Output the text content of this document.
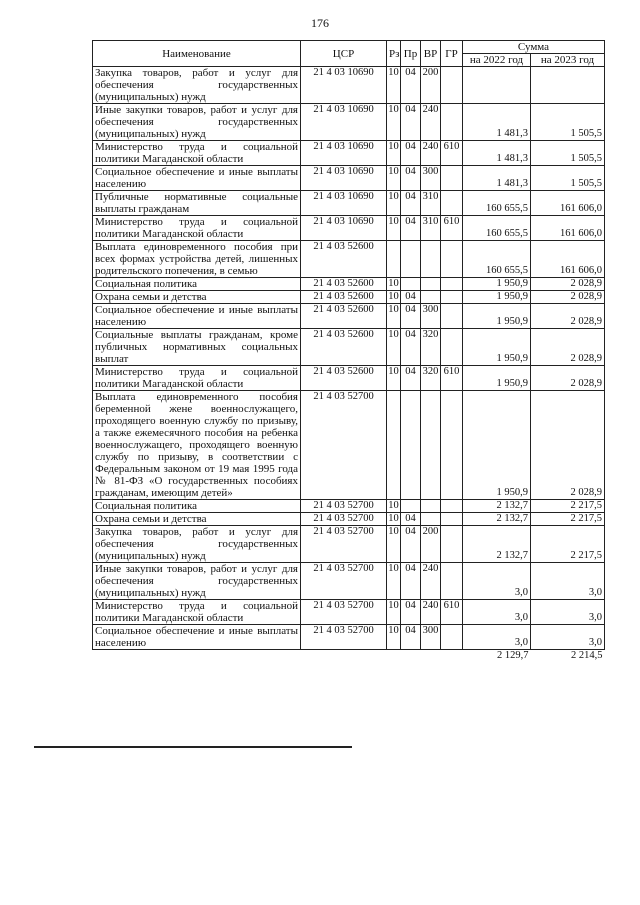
176
Наименование	ЦСР	Рз	Пр	ВР	ГР	Сумма	
						на 2022 год	на 2023 год
Закупка товаров, работ и услуг для обеспечения государственных (муниципальных) нужд	21 4 03 10690	10	04	200			
Иные закупки товаров, работ и услуг для обеспечения государственных (муниципальных) нужд	21 4 03 10690	10	04	240		1 481,3	1 505,5
Министерство труда и социальной политики Магаданской области	21 4 03 10690	10	04	240	610	1 481,3	1 505,5
Социальное обеспечение и иные выплаты населению	21 4 03 10690	10	04	300		1 481,3	1 505,5
Публичные нормативные социальные выплаты гражданам	21 4 03 10690	10	04	310		160 655,5	161 606,0
Министерство труда и социальной политики Магаданской области	21 4 03 10690	10	04	310	610	160 655,5	161 606,0
Выплата единовременного пособия при всех формах устройства детей, лишенных родительского попечения, в семью	21 4 03 52600					160 655,5	161 606,0
Социальная политика	21 4 03 52600	10				1 950,9	2 028,9
Охрана семьи и детства	21 4 03 52600	10	04			1 950,9	2 028,9
Социальное обеспечение и иные выплаты населению	21 4 03 52600	10	04	300		1 950,9	2 028,9
Социальные выплаты гражданам, кроме публичных нормативных социальных выплат	21 4 03 52600	10	04	320		1 950,9	2 028,9
Министерство труда и социальной политики Магаданской области	21 4 03 52600	10	04	320	610	1 950,9	2 028,9
Выплата единовременного пособия беременной жене военнослужащего, проходящего военную службу по призыву, а также ежемесячного пособия на ребенка военнослужащего, проходящего военную службу по призыву, в соответствии с Федеральным законом от 19 мая 1995 года № 81-ФЗ «О государственных пособиях гражданам, имеющим детей»	21 4 03 52700					1 950,9	2 028,9
Социальная политика	21 4 03 52700	10				2 132,7	2 217,5
Охрана семьи и детства	21 4 03 52700	10	04			2 132,7	2 217,5
Закупка товаров, работ и услуг для обеспечения государственных (муниципальных) нужд	21 4 03 52700	10	04	200		2 132,7	2 217,5
Иные закупки товаров, работ и услуг для обеспечения государственных (муниципальных) нужд	21 4 03 52700	10	04	240		3,0	3,0
Министерство труда и социальной политики Магаданской области	21 4 03 52700	10	04	240	610	3,0	3,0
Социальное обеспечение и иные выплаты населению	21 4 03 52700	10	04	300		3,0	3,0
						2 129,7	2 214,5
